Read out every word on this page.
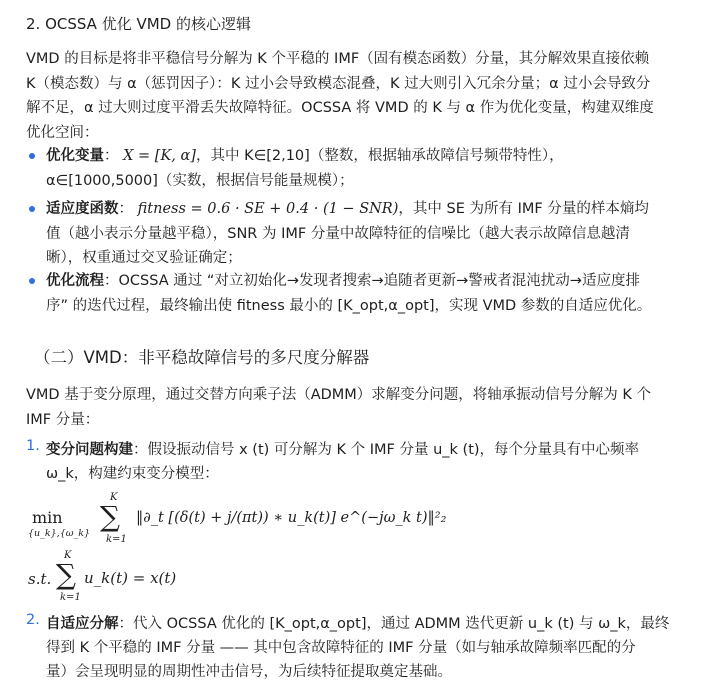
2. OCSSA 优化 VMD 的核心逻辑
VMD 的目标是将非平稳信号分解为 K 个平稳的 IMF（固有模态函数）分量，其分解效果直接依赖
K（模态数）与 α（惩罚因子）：K 过小会导致模态混叠，K 过大则引入冗余分量；α 过小会导致分
解不足，α 过大则过度平滑丢失故障特征。OCSSA 将 VMD 的 K 与 α 作为优化变量，构建双维度
优化空间：
优化变量： X = [K, α]，其中 K∈[2,10]（整数，根据轴承故障信号频带特性），
α∈[1000,5000]（实数，根据信号能量规模）；
适应度函数： fitness = 0.6 · SE + 0.4 · (1 − SNR)，其中 SE 为所有 IMF 分量的样本熵均
值（越小表示分量越平稳），SNR 为 IMF 分量中故障特征的信噪比（越大表示故障信息越清
晰），权重通过交叉验证确定；
优化流程：OCSSA 通过 “对立初始化→发现者搜索→追随者更新→警戒者混沌扰动→适应度排
序” 的迭代过程，最终输出使 fitness 最小的 [K_opt,α_opt]，实现 VMD 参数的自适应优化。
（二）VMD：非平稳故障信号的多尺度分解器
VMD 基于变分原理，通过交替方向乘子法（ADMM）求解变分问题，将轴承振动信号分解为 K 个
IMF 分量：
1. 变分问题构建：假设振动信号 x (t) 可分解为 K 个 IMF 分量 u_k (t)，每个分量具有中心频率
ω_k，构建约束变分模型：
min
{u_k},{ω_k}
K
∑
k=1
‖∂_t [(δ(t) + j/(πt)) ∗ u_k(t)] e^(−jω_k t)‖²₂
s.t.
K
∑
k=1
u_k(t) = x(t)
2. 自适应分解：代入 OCSSA 优化的 [K_opt,α_opt]，通过 ADMM 迭代更新 u_k (t) 与 ω_k，最终
得到 K 个平稳的 IMF 分量 —— 其中包含故障特征的 IMF 分量（如与轴承故障频率匹配的分
量）会呈现明显的周期性冲击信号，为后续特征提取奠定基础。
